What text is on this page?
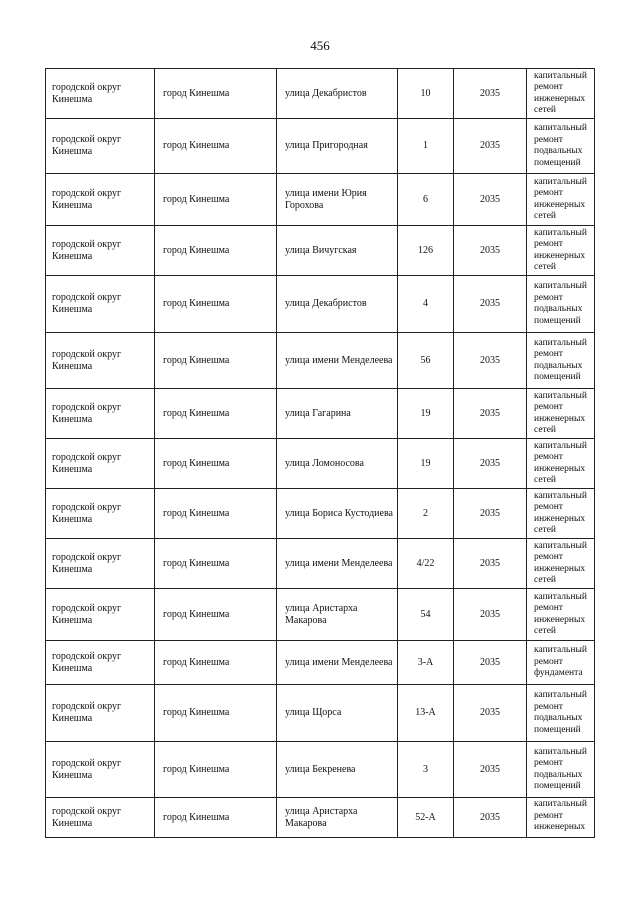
456
городской округ Кинешма	город Кинешма	улица Декабристов	10	2035	капитальный ремонт инженерных сетей
городской округ Кинешма	город Кинешма	улица Пригородная	1	2035	капитальный ремонт подвальных помещений
городской округ Кинешма	город Кинешма	улица имени Юрия Горохова	6	2035	капитальный ремонт инженерных сетей
городской округ Кинешма	город Кинешма	улица Вичугская	126	2035	капитальный ремонт инженерных сетей
городской округ Кинешма	город Кинешма	улица Декабристов	4	2035	капитальный ремонт подвальных помещений
городской округ Кинешма	город Кинешма	улица имени Менделеева	56	2035	капитальный ремонт подвальных помещений
городской округ Кинешма	город Кинешма	улица Гагарина	19	2035	капитальный ремонт инженерных сетей
городской округ Кинешма	город Кинешма	улица Ломоносова	19	2035	капитальный ремонт инженерных сетей
городской округ Кинешма	город Кинешма	улица Бориса Кустодиева	2	2035	капитальный ремонт инженерных сетей
городской округ Кинешма	город Кинешма	улица имени Менделеева	4/22	2035	капитальный ремонт инженерных сетей
городской округ Кинешма	город Кинешма	улица Аристарха Макарова	54	2035	капитальный ремонт инженерных сетей
городской округ Кинешма	город Кинешма	улица имени Менделеева	3-А	2035	капитальный ремонт фундамента
городской округ Кинешма	город Кинешма	улица Щорса	13-А	2035	капитальный ремонт подвальных помещений
городской округ Кинешма	город Кинешма	улица Бекренева	3	2035	капитальный ремонт подвальных помещений
городской округ Кинешма	город Кинешма	улица Аристарха Макарова	52-А	2035	капитальный ремонт инженерных
